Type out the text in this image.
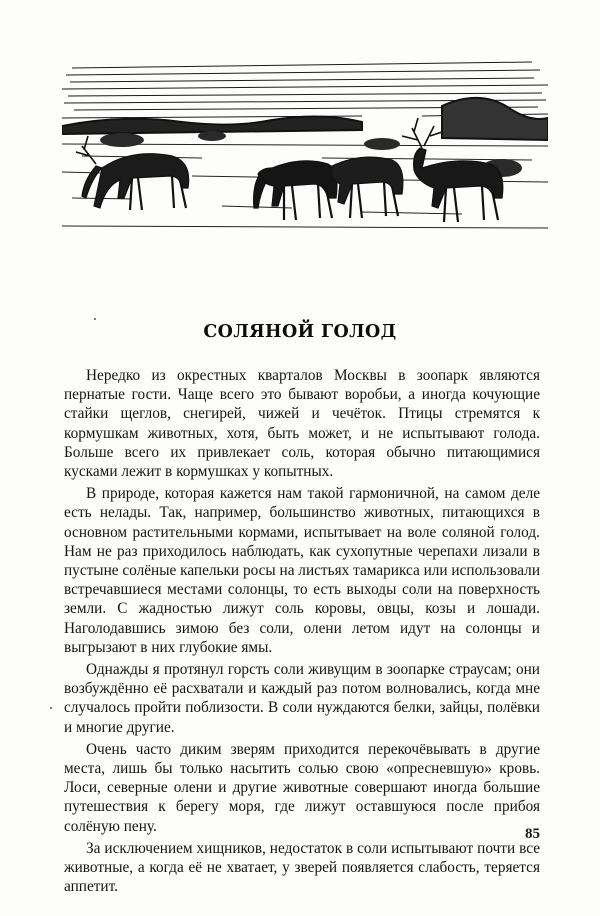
СОЛЯНОЙ ГОЛОД

Нередко из окрестных кварталов Москвы в зоопарк являются пернатые гости. Чаще всего это бывают воробьи, а иногда кочующие стайки щеглов, снегирей, чижей и чечёток. Птицы стремятся к кормушкам животных, хотя, быть может, и не испытывают голода. Больше всего их привлекает соль, которая обычно питающимися кусками лежит в кормушках у копытных.

В природе, которая кажется нам такой гармоничной, на самом деле есть нелады. Так, например, большинство животных, питающихся в основном растительными кормами, испытывает на воле соляной голод. Нам не раз приходилось наблюдать, как сухопутные черепахи лизали в пустыне солёные капельки росы на листьях тамарикса или использовали встречавшиеся местами солонцы, то есть выходы соли на поверхность земли. С жадностью лижут соль коровы, овцы, козы и лошади. Наголодавшись зимою без соли, олени летом идут на солонцы и выгрызают в них глубокие ямы.

Однажды я протянул горсть соли живущим в зоопарке страусам; они возбуждённо её расхватали и каждый раз потом волновались, когда мне случалось пройти поблизости. В соли нуждаются белки, зайцы, полёвки и многие другие.

Очень часто диким зверям приходится перекочёвывать в другие места, лишь бы только насытить солью свою «опресневшую» кровь. Лоси, северные олени и другие животные совершают иногда большие путешествия к берегу моря, где лижут оставшуюся после прибоя солёную пену.

За исключением хищников, недостаток в соли испытывают почти все животные, а когда её не хватает, у зверей появляется слабость, теряется аппетит.

85
